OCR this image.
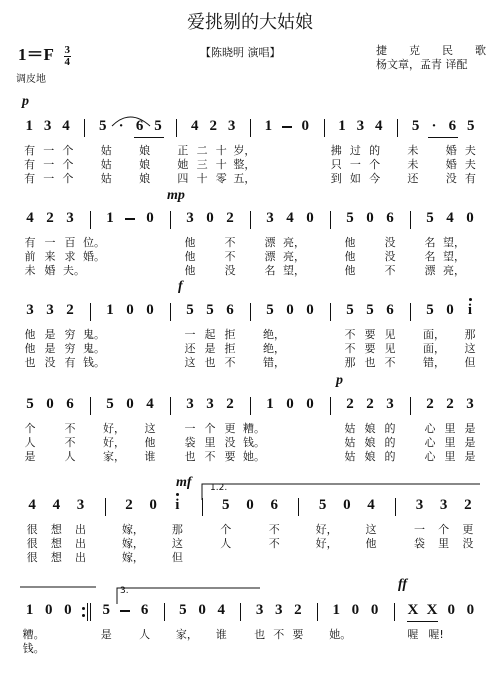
爱挑剔的大姑娘
$1=F \frac{3}{4}$	【陈晓明 演唱】	捷　　克　　民　　歌
杨文章，孟青 译配
调皮地
p
mp
f
p
mf
ff
1.2.
3.
1 3 4 5 · 6 5 4 2 3 1 0 1 3 4 5 · 6 5
有 一 个 姑 娘 正 二 十 岁，	拂 过 的 未 婚 夫
有 一 个 姑 娘 她 三 十 整，	只 一 个 未 婚 夫
有 一 个 姑 娘 四 十 零 五，	到 如 今 还 没 有
4 2 3 1 0 3 0 2 3 4 0 5 0 6 5 4 0
有 一 百 位。	他	不	漂 亮，	他	没	名 望，
前 来 求 婚。	他	不	漂 亮，	他	没	名 望，
未 婚 夫。	他	没	名 望，	他	不	漂 亮，
3 3 2 1 0 0 5 5 6 5 0 0 5 5 6 5 0 i
他 是 穷 鬼。	一 起 拒	绝，	不 要 见	面， 那
他 是 穷 鬼。	还 是 拒	绝，	不 要 见	面， 这
也 没 有 钱。	这 也 不	错，	那 也 不	错， 但
5 0 6 5 0 4 3 3 2 1 0 0 2 2 3 2 2 3
个	不	好， 这	一 个 更 糟。	姑 娘 的	心 里 是
人	不	好， 他	袋 里 没 钱。	姑 娘 的	心 里 是
是	人	家， 谁	也 不 要 她。	姑 娘 的	心 里 是
4 4 3	2 0	i	5 0 6	5 0 4	3 3 2
很 想 出	嫁，	那	个	不	好，	这	一 个 更
很 想 出	嫁，	这	人	不	好，	他	袋 里 没
很 想 出	嫁，	但
1 0 0 5 6 5 0 4 3 3 2 1 0 0 X X 0 0
糟。	是 人 家， 谁 也 不 要 她。	喔 喔!
钱。
